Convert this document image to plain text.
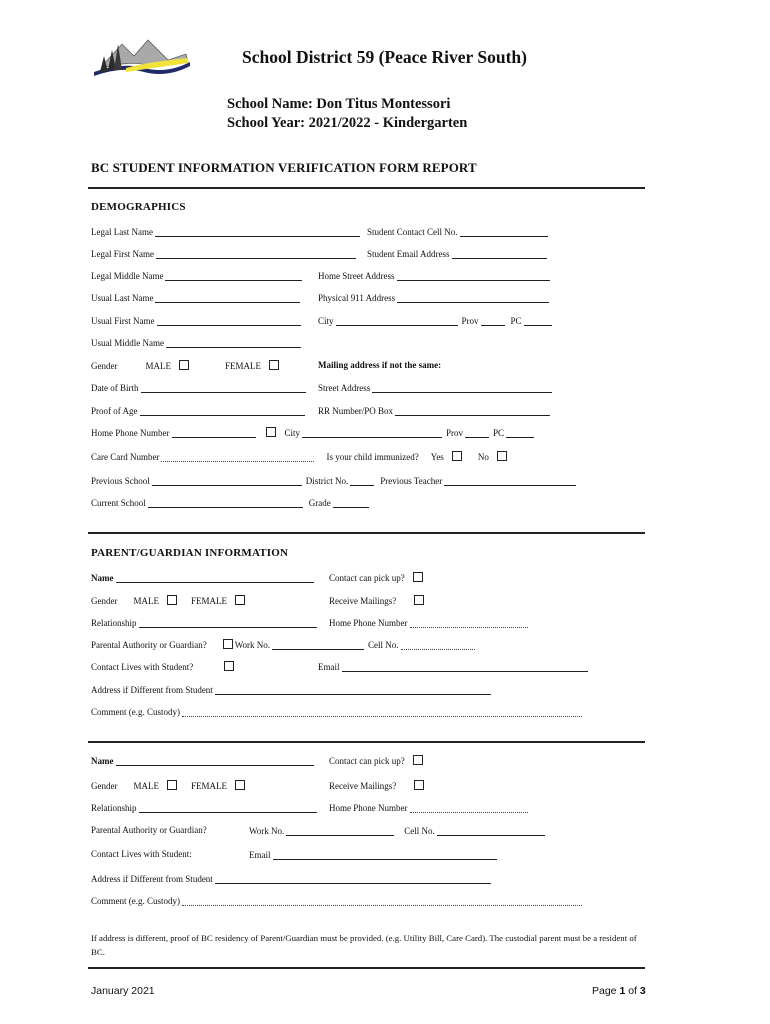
School District 59 (Peace River South)
School Name: Don Titus Montessori
School Year: 2021/2022 - Kindergarten
BC STUDENT INFORMATION VERIFICATION FORM REPORT
DEMOGRAPHICS
Legal Last Name	Student Contact Cell No.
Legal First Name	Student Email Address
Legal Middle Name	Home Street Address
Usual Last Name	Physical 911 Address
Usual First Name	City	Prov	PC
Usual Middle Name
Gender	MALE	FEMALE	Mailing address if not the same:
Date of Birth	Street Address
Proof of Age	RR Number/PO Box
Home Phone Number	City	Prov	PC
Care Card Number	Is your child immunized? Yes	No
Previous School	District No.	Previous Teacher
Current School	Grade
PARENT/GUARDIAN INFORMATION
Name	Contact can pick up?
Gender MALE	FEMALE	Receive Mailings?
Relationship	Home Phone Number
Parental Authority or Guardian?	Work No.	Cell No.
Contact Lives with Student?	Email
Address if Different from Student
Comment (e.g. Custody)
Name	Contact can pick up?
Gender MALE	FEMALE	Receive Mailings?
Relationship	Home Phone Number
Parental Authority or Guardian?	Work No.	Cell No.
Contact Lives with Student:	Email
Address if Different from Student
Comment (e.g. Custody)
If address is different, proof of BC residency of Parent/Guardian must be provided. (e.g. Utility Bill, Care Card). The custodial parent must be a resident of BC.
January 2021	Page 1 of 3
